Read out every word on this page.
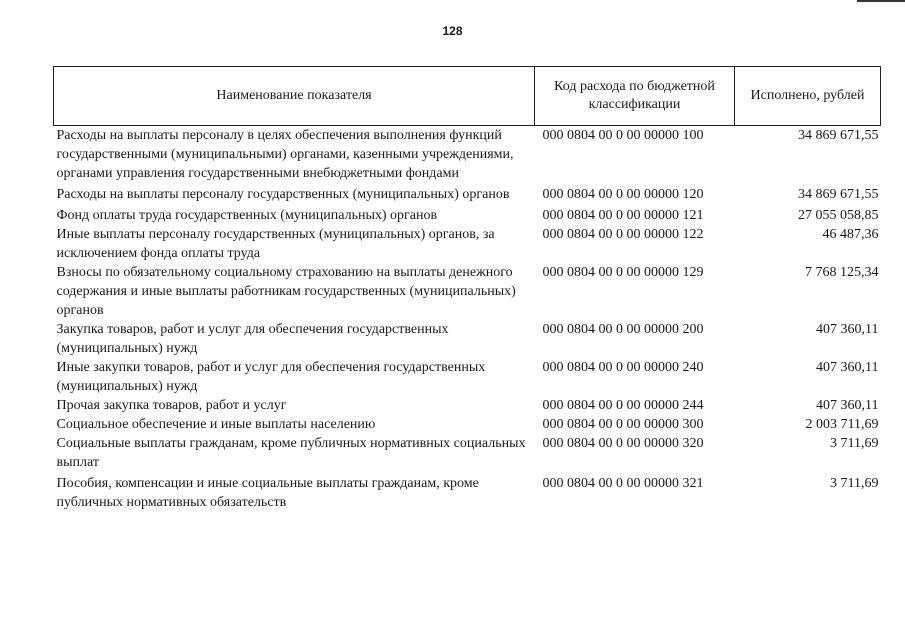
128
Наименование показателя	Код расхода по бюджетной классификации	Исполнено, рублей
Расходы на выплаты персоналу в целях обеспечения выполнения функций государственными (муниципальными) органами, казенными учреждениями, органами управления государственными внебюджетными фондами	000 0804 00 0 00 00000 100	34 869 671,55
Расходы на выплаты персоналу государственных (муниципальных) органов	000 0804 00 0 00 00000 120	34 869 671,55
Фонд оплаты труда государственных (муниципальных) органов	000 0804 00 0 00 00000 121	27 055 058,85
Иные выплаты персоналу государственных (муниципальных) органов, за исключением фонда оплаты труда	000 0804 00 0 00 00000 122	46 487,36
Взносы по обязательному социальному страхованию на выплаты денежного содержания и иные выплаты работникам государственных (муниципальных) органов	000 0804 00 0 00 00000 129	7 768 125,34
Закупка товаров, работ и услуг для обеспечения государственных (муниципальных) нужд	000 0804 00 0 00 00000 200	407 360,11
Иные закупки товаров, работ и услуг для обеспечения государственных (муниципальных) нужд	000 0804 00 0 00 00000 240	407 360,11
Прочая закупка товаров, работ и услуг	000 0804 00 0 00 00000 244	407 360,11
Социальное обеспечение и иные выплаты населению	000 0804 00 0 00 00000 300	2 003 711,69
Социальные выплаты гражданам, кроме публичных нормативных социальных выплат	000 0804 00 0 00 00000 320	3 711,69
Пособия, компенсации и иные социальные выплаты гражданам, кроме публичных нормативных обязательств	000 0804 00 0 00 00000 321	3 711,69
